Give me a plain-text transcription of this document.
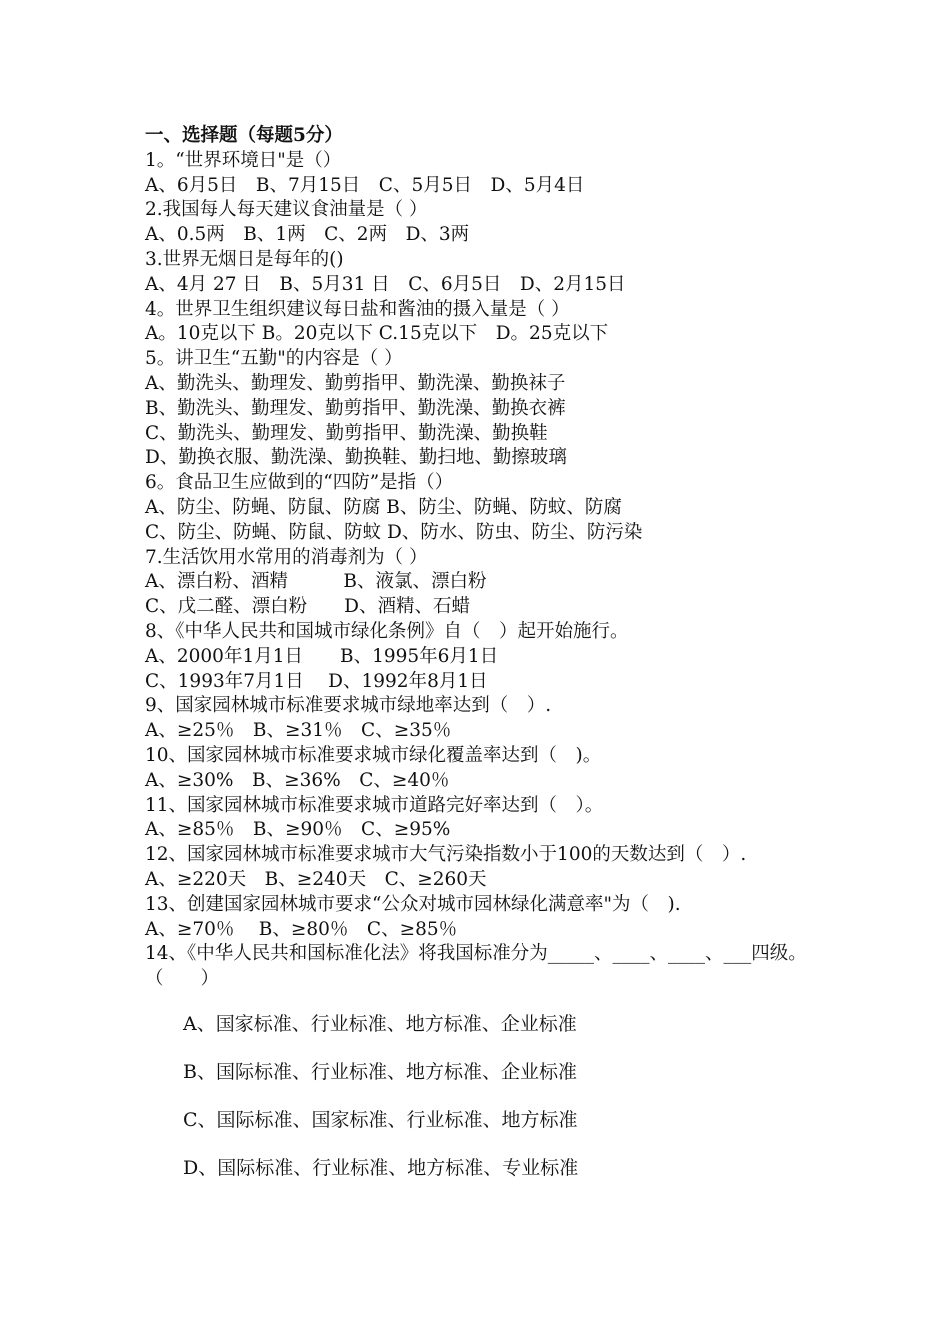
一、选择题（每题5分）
1。“世界环境日"是（）
A、6月5日　B、7月15日　C、5月5日　D、5月4日
2.我国每人每天建议食油量是（ ）
A、0.5两　B、1两　C、2两　D、3两
3.世界无烟日是每年的()
A、4月 27 日　B、5月31 日　C、6月5日　D、2月15日
4。世界卫生组织建议每日盐和酱油的摄入量是（ ）
A。10克以下 B。20克以下 C.15克以下　D。25克以下
5。讲卫生“五勤"的内容是（ ）
A、勤洗头、勤理发、勤剪指甲、勤洗澡、勤换袜子
B、勤洗头、勤理发、勤剪指甲、勤洗澡、勤换衣裤
C、勤洗头、勤理发、勤剪指甲、勤洗澡、勤换鞋
D、勤换衣服、勤洗澡、勤换鞋、勤扫地、勤擦玻璃
6。食品卫生应做到的“四防”是指（）
A、防尘、防蝇、防鼠、防腐 B、防尘、防蝇、防蚊、防腐
C、防尘、防蝇、防鼠、防蚊 D、防水、防虫、防尘、防污染
7.生活饮用水常用的消毒剂为（ ）
A、漂白粉、酒精　　　B、液氯、漂白粉
C、戊二醛、漂白粉　　D、酒精、石蜡
8、《中华人民共和国城市绿化条例》自（　）起开始施行。
A、2000年1月1日　　B、1995年6月1日
C、1993年7月1日　 D、1992年8月1日
9、国家园林城市标准要求城市绿地率达到（　）.
A、≥25％　B、≥31％　C、≥35％
10、国家园林城市标准要求城市绿化覆盖率达到（　)。
A、≥30%　B、≥36%　C、≥40％
11、国家园林城市标准要求城市道路完好率达到（　）。
A、≥85％　B、≥90％　C、≥95%
12、国家园林城市标准要求城市大气污染指数小于100的天数达到（　）.
A、≥220天　B、≥240天　C、≥260天
13、创建国家园林城市要求“公众对城市园林绿化满意率"为（　).
A、≥70％　 B、≥80％　C、≥85％
14、《中华人民共和国标准化法》将我国标准分为_____、____、____、___四级。（　　）
A、国家标准、行业标准、地方标准、企业标准
B、国际标准、行业标准、地方标准、企业标准
C、国际标准、国家标准、行业标准、地方标准
D、国际标准、行业标准、地方标准、专业标准
